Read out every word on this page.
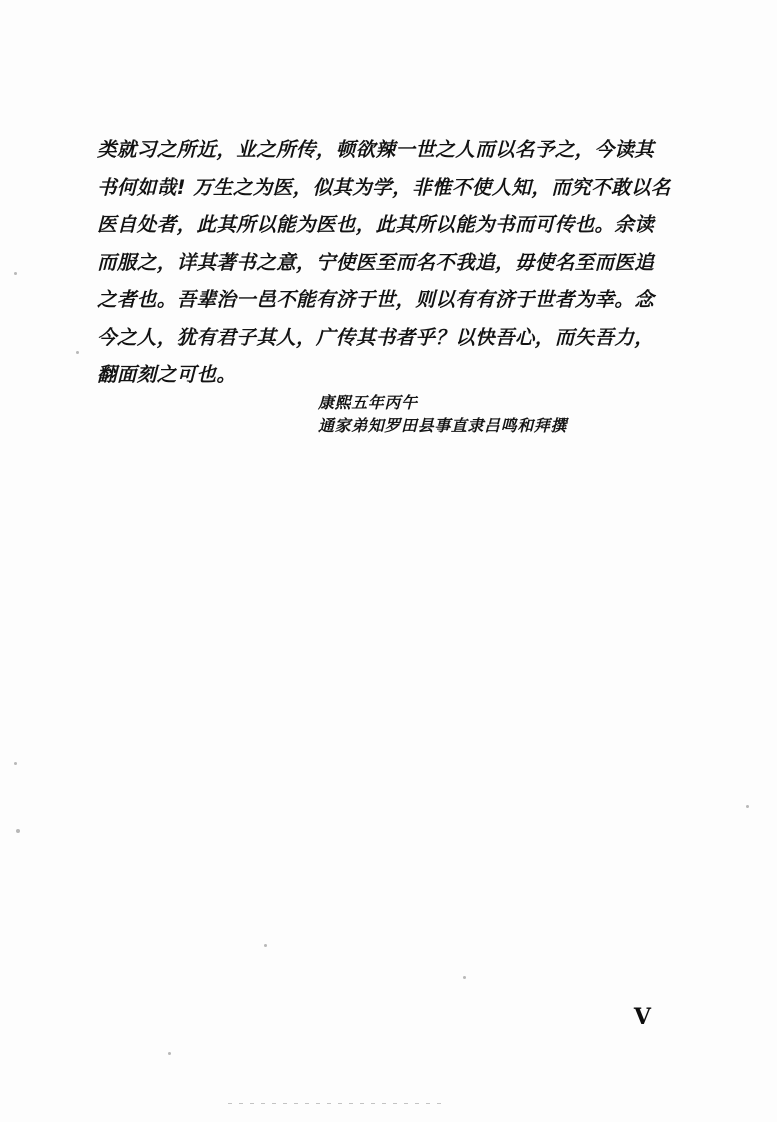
类就习之所近，业之所传，顿欲辣一世之人而以名予之，今读其
书何如哉! 万生之为医，似其为学，非惟不使人知，而究不敢以名
医自处者，此其所以能为医也，此其所以能为书而可传也。余读
而服之，详其著书之意，宁使医至而名不我追，毋使名至而医追
之者也。吾辈治一邑不能有济于世，则以有有济于世者为幸。念
今之人，犹有君子其人，广传其书者乎？以快吾心，而矢吾力，
翻面刻之可也。
康熙五年丙午
通家弟知罗田县事直隶吕鸣和拜撰
V
